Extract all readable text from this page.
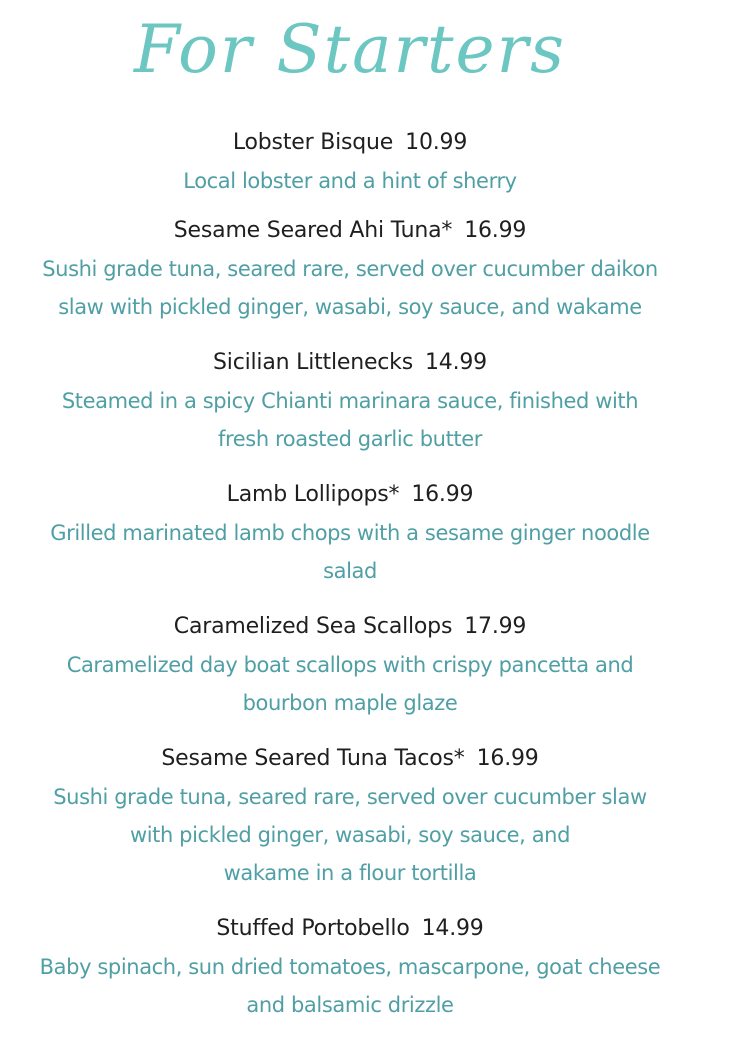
For Starters
Lobster Bisque 10.99
Local lobster and a hint of sherry
Sesame Seared Ahi Tuna* 16.99
Sushi grade tuna, seared rare, served over cucumber daikon
slaw with pickled ginger, wasabi, soy sauce, and wakame
Sicilian Littlenecks 14.99
Steamed in a spicy Chianti marinara sauce, finished with
fresh roasted garlic butter
Lamb Lollipops* 16.99
Grilled marinated lamb chops with a sesame ginger noodle
salad
Caramelized Sea Scallops 17.99
Caramelized day boat scallops with crispy pancetta and
bourbon maple glaze
Sesame Seared Tuna Tacos* 16.99
Sushi grade tuna, seared rare, served over cucumber slaw
with pickled ginger, wasabi, soy sauce, and
wakame in a flour tortilla
Stuffed Portobello 14.99
Baby spinach, sun dried tomatoes, mascarpone, goat cheese
and balsamic drizzle
